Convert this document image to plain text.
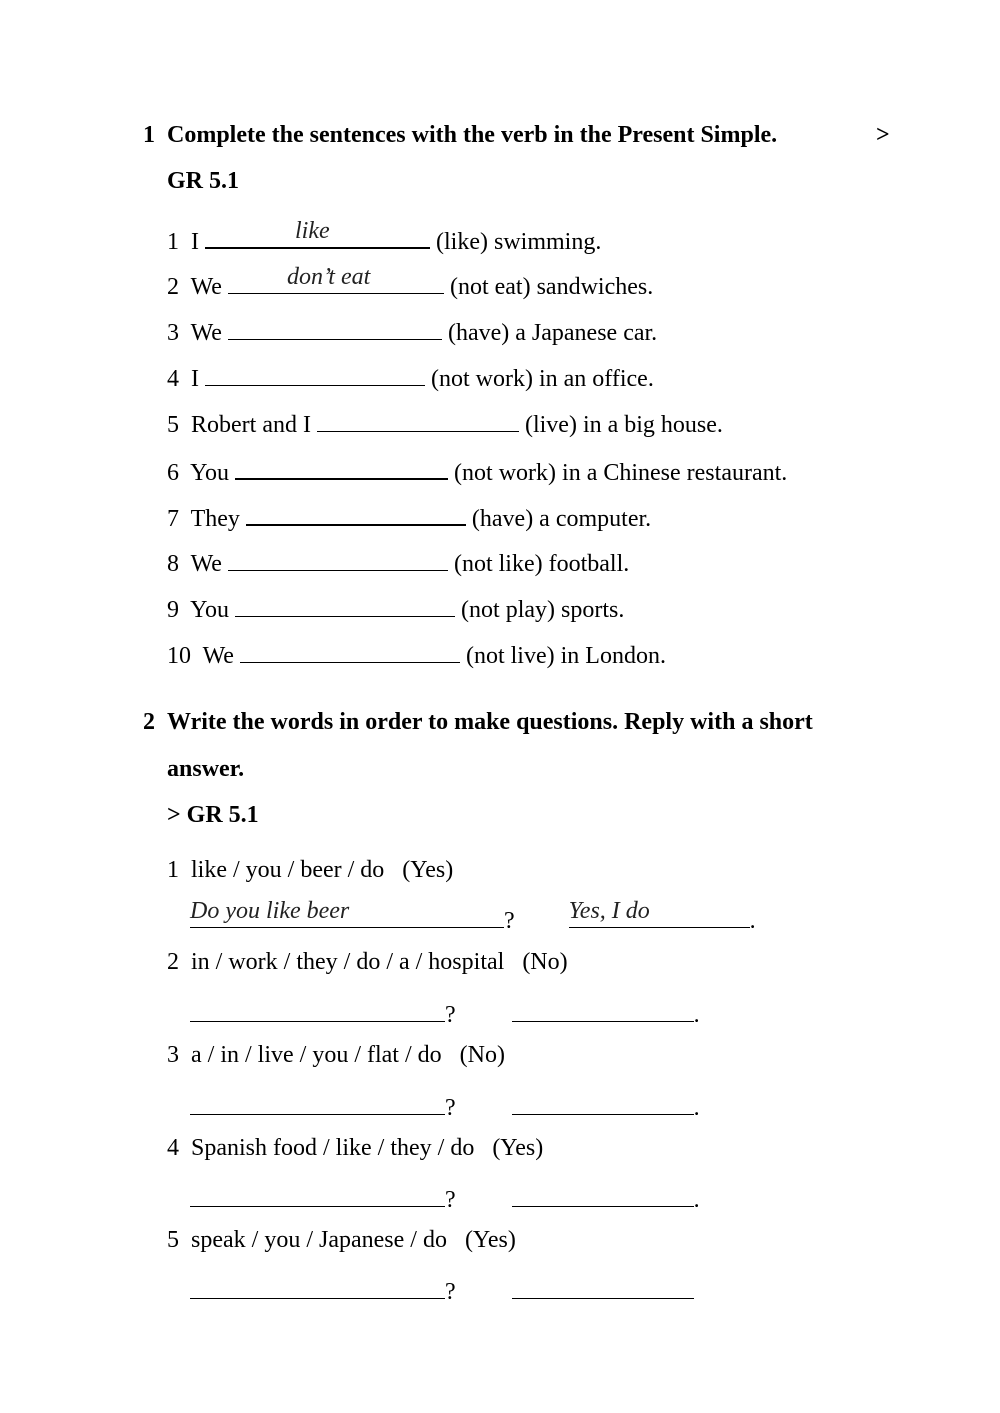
1 Complete the sentences with the verb in the Present Simple.	>
GR 5.1
1 I	like	(like) swimming.
2 We	don’t eat	(not eat) sandwiches.
3 We	(have) a Japanese car.
4 I	(not work) in an office.
5 Robert and I	(live) in a big house.
6 You	(not work) in a Chinese restaurant.
7 They	(have) a computer.
8 We	(not like) football.
9 You	(not play) sports.
10 We	(not live) in London.
2 Write the words in order to make questions. Reply with a short
answer.
> GR 5.1
1 like / you / beer / do (Yes)
Do you like beer	? Yes, I do	.
2 in / work / they / do / a / hospital (No)
?	.
3 a / in / live / you / flat / do (No)
?	.
4 Spanish food / like / they / do (Yes)
?	.
5 speak / you / Japanese / do (Yes)
?
